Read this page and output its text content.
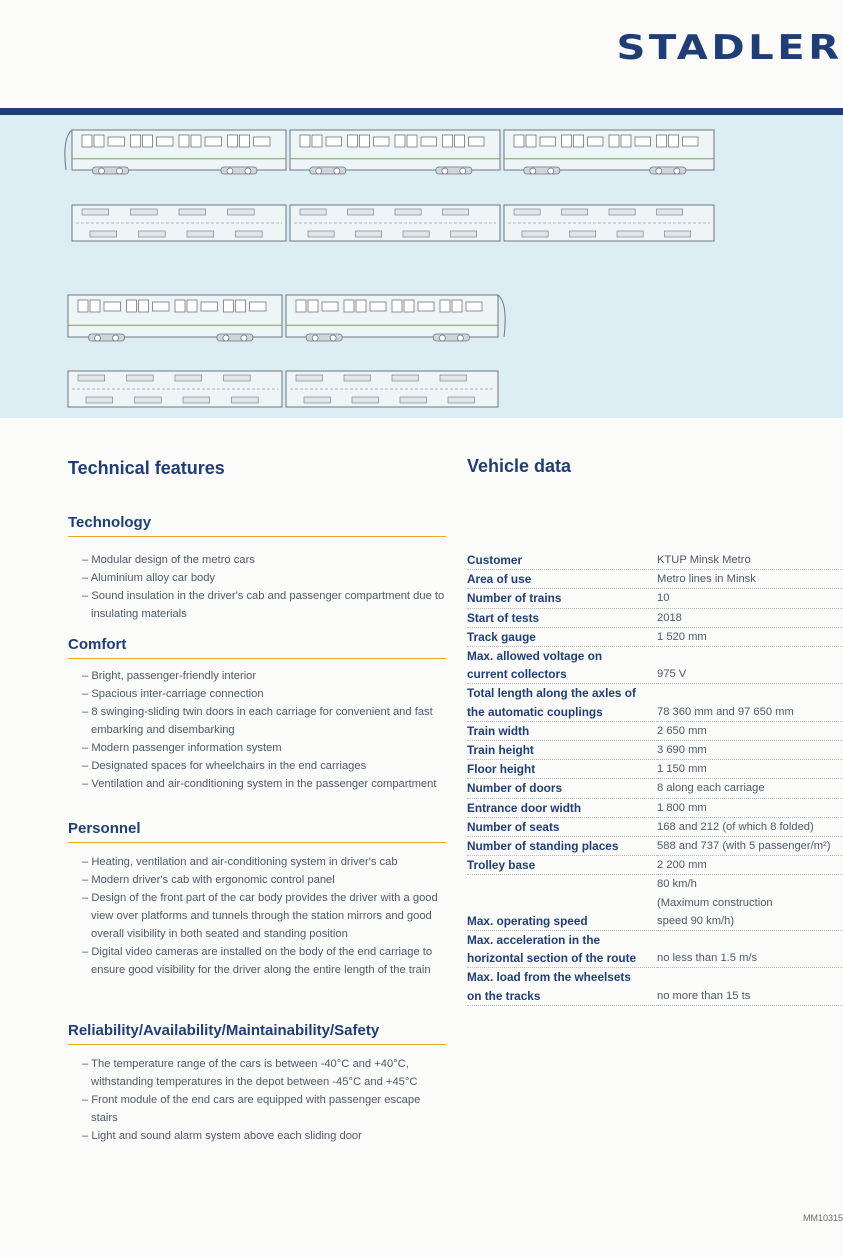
STADLER
Technical features
Technology
– Modular design of the metro cars
– Aluminium alloy car body
– Sound insulation in the driver's cab and passenger compartment due to insulating materials
Comfort
– Bright, passenger-friendly interior
– Spacious inter-carriage connection
– 8 swinging-sliding twin doors in each carriage for convenient and fast embarking and disembarking
– Modern passenger information system
– Designated spaces for wheelchairs in the end carriages
– Ventilation and air-conditioning system in the passenger compartment
Personnel
– Heating, ventilation and air-conditioning system in driver's cab
– Modern driver's cab with ergonomic control panel
– Design of the front part of the car body provides the driver with a good view over platforms and tunnels through the station mirrors and good overall visibility in both seated and standing position
– Digital video cameras are installed on the body of the end carriage to ensure good visibility for the driver along the entire length of the train
Reliability/Availability/Maintainability/Safety
– The temperature range of the cars is between -40°C and +40°C, withstanding temperatures in the depot between -45°C and +45°C
– Front module of the end cars are equipped with passenger escape stairs
– Light and sound alarm system above each sliding door
Vehicle data
Customer	KTUP Minsk Metro
Area of use	Metro lines in Minsk
Number of trains	10
Start of tests	2018
Track gauge	1 520 mm
Max. allowed voltage on
current collectors	975 V
Total length along the axles of
the automatic couplings	78 360 mm and 97 650 mm
Train width	2 650 mm
Train height	3 690 mm
Floor height	1 150 mm
Number of doors	8 along each carriage
Entrance door width	1 800 mm
Number of seats	168 and 212 (of which 8 folded)
Number of standing places	588 and 737 (with 5 passenger/m²)
Trolley base	2 200 mm
Max. operating speed	80 km/h
(Maximum construction
speed 90 km/h)
Max. acceleration in the
horizontal section of the route	no less than 1.5 m/s
Max. load from the wheelsets
on the tracks	no more than 15 ts
MM10315
